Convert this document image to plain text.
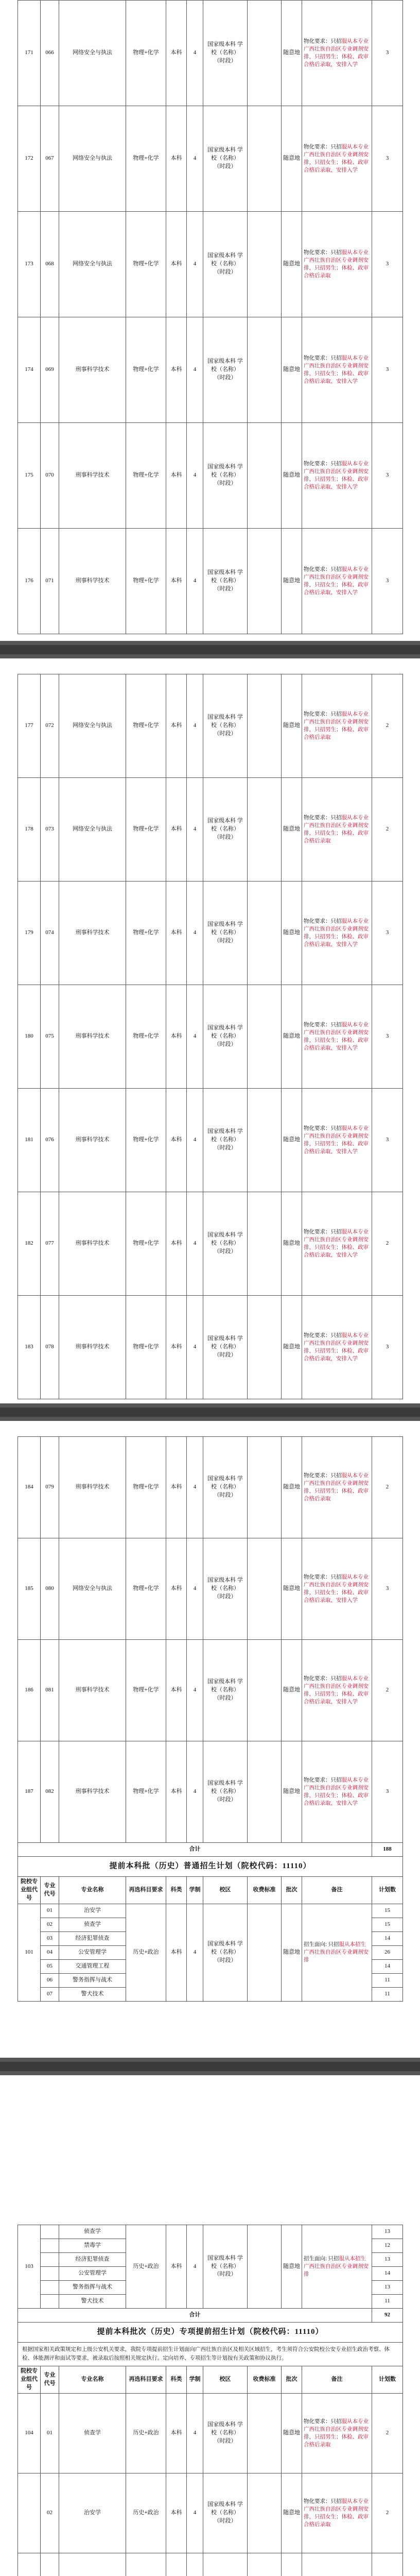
171	066	网络安全与执法	物理+化学	本科	4	国家级本科 学校（名称） （时段）		随意地	物化要求：只招服从本专业广西壮族自治区专业调剂安排，只招男生；体检、政审合格后录取，安排入学	3
172	067	网络安全与执法	物理+化学	本科	4	国家级本科 学校（名称） （时段）		随意地	物化要求：只招服从本专业广西壮族自治区专业调剂安排，只招女生；体检、政审合格后录取，安排入学	3
173	068	网络安全与执法	物理+化学	本科	4	国家级本科 学校（名称） （时段）		随意地	物化要求：只招服从本专业广西壮族自治区专业调剂安排，只招男生；体检、政审合格后录取	3
174	069	刑事科学技术	物理+化学	本科	4	国家级本科 学校（名称） （时段）		随意地	物化要求：只招服从本专业广西壮族自治区专业调剂安排，只招女生；体检、政审合格后录取，安排入学	3
175	070	刑事科学技术	物理+化学	本科	4	国家级本科 学校（名称） （时段）		随意地	物化要求：只招服从本专业广西壮族自治区专业调剂安排，只招男生；体检、政审合格后录取，安排入学	3
176	071	刑事科学技术	物理+化学	本科	4	国家级本科 学校（名称） （时段）		随意地	物化要求：只招服从本专业广西壮族自治区专业调剂安排，只招女生；体检、政审合格后录取，安排入学	3
177	072	网络安全与执法	物理+化学	本科	4	国家级本科 学校（名称） （时段）		随意地	物化要求：只招服从本专业广西壮族自治区专业调剂安排，只招男生；体检、政审合格后录取	2
178	073	网络安全与执法	物理+化学	本科	4	国家级本科 学校（名称） （时段）		随意地	物化要求：只招服从本专业广西壮族自治区专业调剂安排，只招女生；体检、政审合格后录取	2
179	074	刑事科学技术	物理+化学	本科	4	国家级本科 学校（名称） （时段）		随意地	物化要求：只招服从本专业广西壮族自治区专业调剂安排，只招男生；体检、政审合格后录取，安排入学	3
180	075	刑事科学技术	物理+化学	本科	4	国家级本科 学校（名称） （时段）		随意地	物化要求：只招服从本专业广西壮族自治区专业调剂安排，只招女生；体检、政审合格后录取，安排入学	3
181	076	刑事科学技术	物理+化学	本科	4	国家级本科 学校（名称） （时段）		随意地	物化要求：只招服从本专业广西壮族自治区专业调剂安排，只招男生；体检、政审合格后录取，安排入学	3
182	077	刑事科学技术	物理+化学	本科	4	国家级本科 学校（名称） （时段）		随意地	物化要求：只招服从本专业广西壮族自治区专业调剂安排，只招女生；体检、政审合格后录取，安排入学	2
183	078	刑事科学技术	物理+化学	本科	4	国家级本科 学校（名称） （时段）		随意地	物化要求：只招服从本专业广西壮族自治区专业调剂安排，只招男生；体检、政审合格后录取，安排入学	3
184	079	刑事科学技术	物理+化学	本科	4	国家级本科 学校（名称） （时段）		随意地	物化要求：只招服从本专业广西壮族自治区专业调剂安排，只招男生；体检、政审合格后录取	2
185	080	网络安全与执法	物理+化学	本科	4	国家级本科 学校（名称） （时段）		随意地	物化要求：只招服从本专业广西壮族自治区专业调剂安排，只招女生；体检、政审合格后录取，安排入学	3
186	081	刑事科学技术	物理+化学	本科	4	国家级本科 学校（名称） （时段）		随意地	物化要求：只招服从本专业广西壮族自治区专业调剂安排，只招男生；体检、政审合格后录取，安排入学	2
187	082	刑事科学技术	物理+化学	本科	4	国家级本科 学校（名称） （时段）		随意地	物化要求：只招服从本专业广西壮族自治区专业调剂安排，只招女生；体检、政审合格后录取，安排入学	3
合计										188
提前本科批（历史）普通招生计划（院校代码：11110）										
院校专业组代号	专业代号	专业名称	再选科目要求	科类	学制	校区	收费标准	批次	备注	计划数
101	01	治安学	历史+政治	本科	4	国家级本科 学校（名称） （时段）		随意地	招生面向: 只招服从本招生广西壮族自治区专业调剂安排	15
	02	侦查学								15
	03	经济犯罪侦查								14
	04	公安管理学								26
	05	交通管理工程								14
	06	警务指挥与战术								11
	07	警犬技术								11
103		侦查学	历史+政治	本科	4	国家级本科 学校（名称） （时段）		随意地	招生面向: 只招服从本招生广西壮族自治区专业调剂安排	13
		禁毒学								12
		经济犯罪侦查								13
		公安管理学								14
		警务指挥与战术								13
		警犬技术								11
合计										92
提前本科批次（历史）专项提前招生计划（院校代码：11110）										
根据国家相关政策规定和上级公安机关要求，我院专项提前招生计划面向广西壮族自治区及相关区域招生，考生须符合公安院校公安专业招生政治考察、体检、体能测评和面试等要求，被录取后按照相关规定执行。定向培养、专项招生等计划按有关政策和协议执行。										
院校专业组代号	专业代号	专业名称	再选科目要求	科类	学制	校区	收费标准	批次	备注	计划数
104	01	侦查学	历史+政治	本科	4	国家级本科 学校（名称） （时段）		随意地	物化要求：只招服从本专业广西壮族自治区专业调剂安排，只招男生；体检、政审合格后录取	2
	02	治安学	历史+政治	本科	4	国家级本科 学校（名称） （时段）		随意地	物化要求：只招服从本专业广西壮族自治区专业调剂安排，只招女生；体检、政审合格后录取	2
